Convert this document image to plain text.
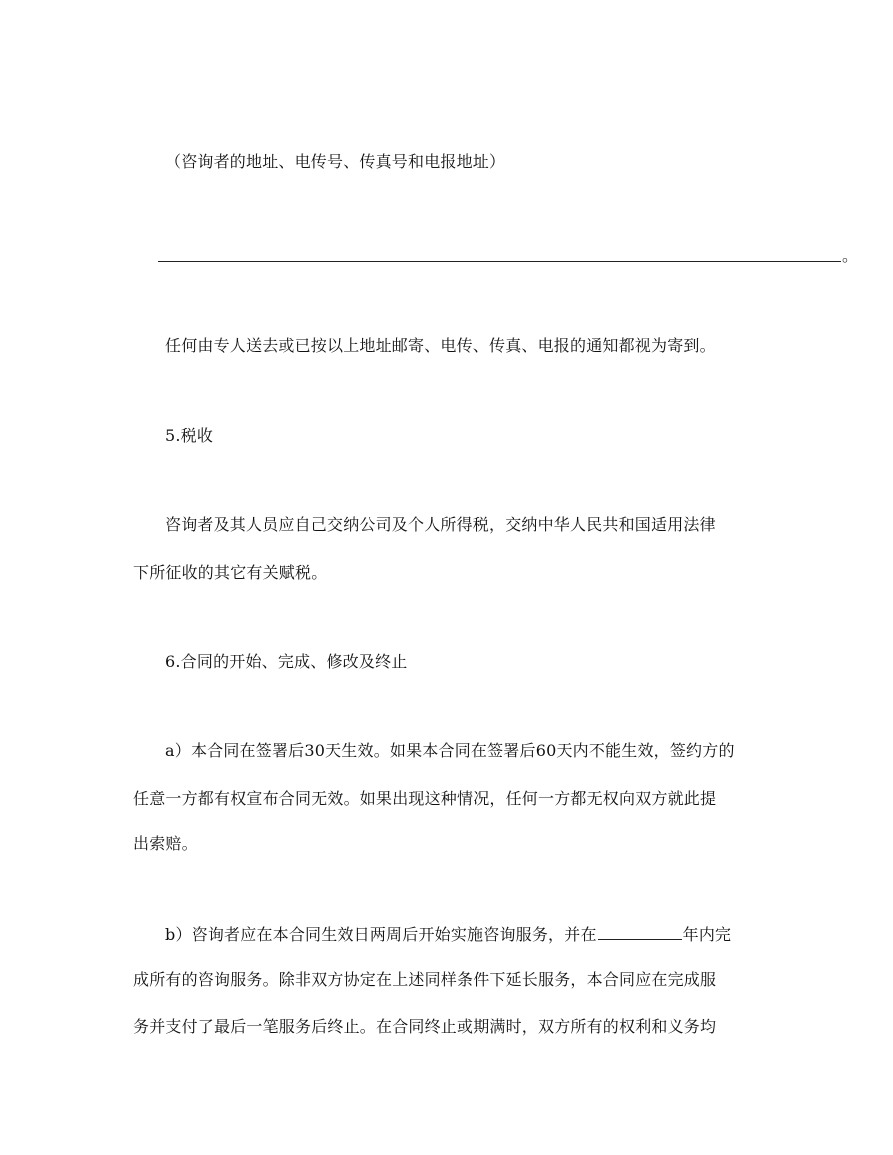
（咨询者的地址、电传号、传真号和电报地址）
。
任何由专人送去或已按以上地址邮寄、电传、传真、电报的通知都视为寄到。
5.税收
咨询者及其人员应自己交纳公司及个人所得税，交纳中华人民共和国适用法律
下所征收的其它有关赋税。
6.合同的开始、完成、修改及终止
a）本合同在签署后30天生效。如果本合同在签署后60天内不能生效，签约方的
任意一方都有权宣布合同无效。如果出现这种情况，任何一方都无权向双方就此提
出索赔。
b）咨询者应在本合同生效日两周后开始实施咨询服务，并在	年内完
成所有的咨询服务。除非双方协定在上述同样条件下延长服务，本合同应在完成服
务并支付了最后一笔服务后终止。在合同终止或期满时，双方所有的权利和义务均
